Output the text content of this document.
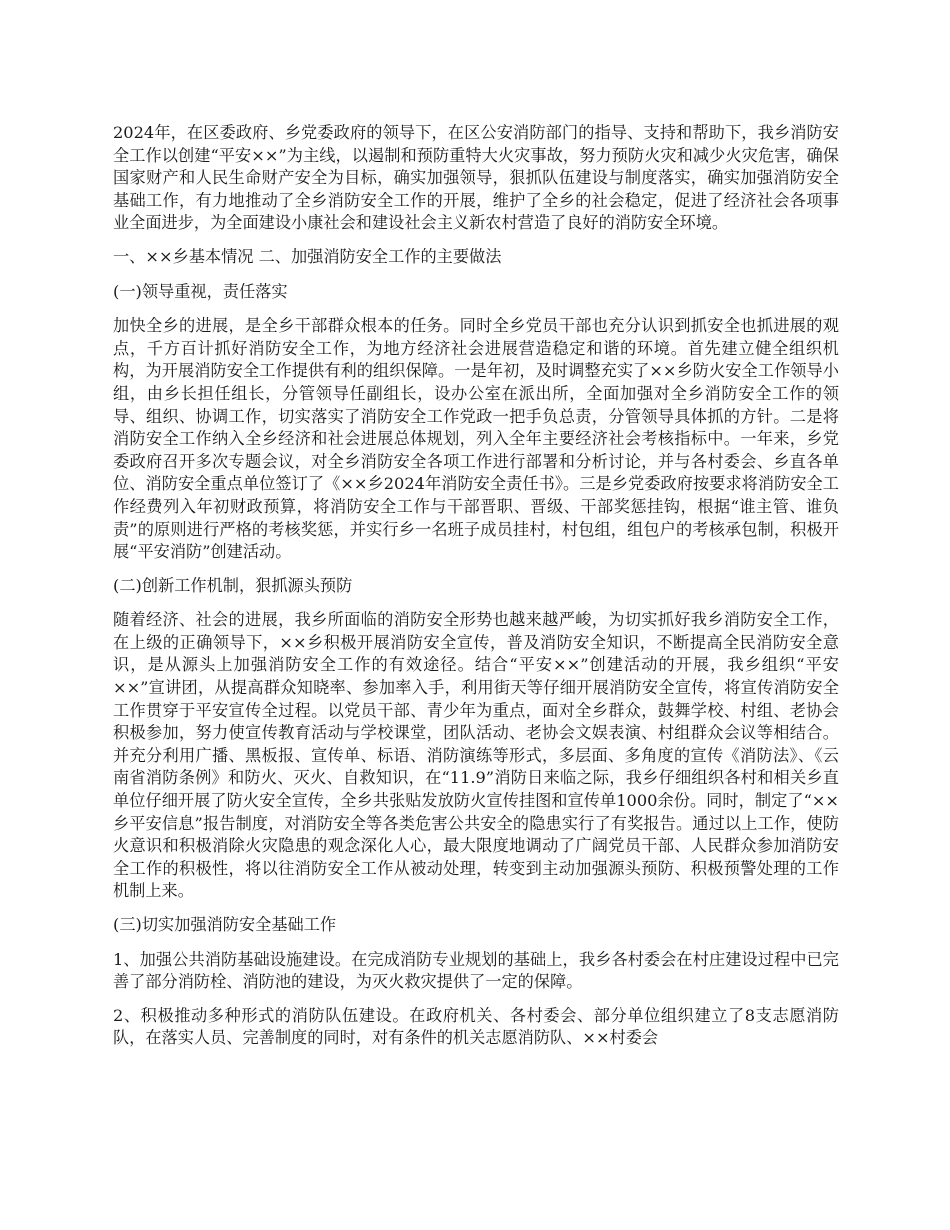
2024年，在区委政府、乡党委政府的领导下，在区公安消防部门的指导、支持和帮助下，我乡消防安全工作以创建“平安××”为主线，以遏制和预防重特大火灾事故，努力预防火灾和减少火灾危害，确保国家财产和人民生命财产安全为目标，确实加强领导，狠抓队伍建设与制度落实，确实加强消防安全基础工作，有力地推动了全乡消防安全工作的开展，维护了全乡的社会稳定，促进了经济社会各项事业全面进步，为全面建设小康社会和建设社会主义新农村营造了良好的消防安全环境。

一、××乡基本情况 二、加强消防安全工作的主要做法

(一)领导重视，责任落实

加快全乡的进展，是全乡干部群众根本的任务。同时全乡党员干部也充分认识到抓安全也抓进展的观点，千方百计抓好消防安全工作，为地方经济社会进展营造稳定和谐的环境。首先建立健全组织机构，为开展消防安全工作提供有利的组织保障。一是年初，及时调整充实了××乡防火安全工作领导小组，由乡长担任组长，分管领导任副组长，设办公室在派出所，全面加强对全乡消防安全工作的领导、组织、协调工作，切实落实了消防安全工作党政一把手负总责，分管领导具体抓的方针。二是将消防安全工作纳入全乡经济和社会进展总体规划，列入全年主要经济社会考核指标中。一年来，乡党委政府召开多次专题会议，对全乡消防安全各项工作进行部署和分析讨论，并与各村委会、乡直各单位、消防安全重点单位签订了《××乡2024年消防安全责任书》。三是乡党委政府按要求将消防安全工作经费列入年初财政预算，将消防安全工作与干部晋职、晋级、干部奖惩挂钩，根据“谁主管、谁负责”的原则进行严格的考核奖惩，并实行乡一名班子成员挂村，村包组，组包户的考核承包制，积极开展“平安消防”创建活动。

(二)创新工作机制，狠抓源头预防

随着经济、社会的进展，我乡所面临的消防安全形势也越来越严峻，为切实抓好我乡消防安全工作，在上级的正确领导下，××乡积极开展消防安全宣传，普及消防安全知识，不断提高全民消防安全意识，是从源头上加强消防安全工作的有效途径。结合“平安××”创建活动的开展，我乡组织“平安××”宣讲团，从提高群众知晓率、参加率入手，利用街天等仔细开展消防安全宣传，将宣传消防安全工作贯穿于平安宣传全过程。以党员干部、青少年为重点，面对全乡群众，鼓舞学校、村组、老协会积极参加，努力使宣传教育活动与学校课堂，团队活动、老协会文娱表演、村组群众会议等相结合。并充分利用广播、黑板报、宣传单、标语、消防演练等形式，多层面、多角度的宣传《消防法》、《云南省消防条例》和防火、灭火、自救知识，在“11.9”消防日来临之际，我乡仔细组织各村和相关乡直单位仔细开展了防火安全宣传，全乡共张贴发放防火宣传挂图和宣传单1000余份。同时，制定了“××乡平安信息”报告制度，对消防安全等各类危害公共安全的隐患实行了有奖报告。通过以上工作，使防火意识和积极消除火灾隐患的观念深化人心，最大限度地调动了广阔党员干部、人民群众参加消防安全工作的积极性，将以往消防安全工作从被动处理，转变到主动加强源头预防、积极预警处理的工作机制上来。

(三)切实加强消防安全基础工作

1、加强公共消防基础设施建设。在完成消防专业规划的基础上，我乡各村委会在村庄建设过程中已完善了部分消防栓、消防池的建设，为灭火救灾提供了一定的保障。

2、积极推动多种形式的消防队伍建设。在政府机关、各村委会、部分单位组织建立了8支志愿消防队，在落实人员、完善制度的同时，对有条件的机关志愿消防队、××村委会
